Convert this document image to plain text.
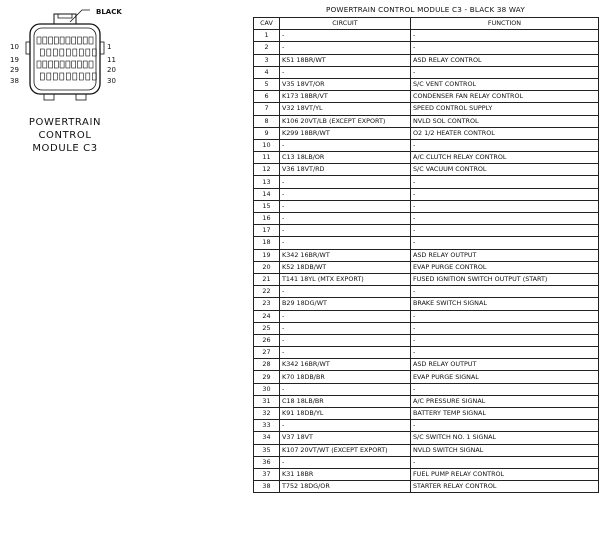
10	1
19	11
29	20
38	30
BLACK
POWERTRAIN
CONTROL
MODULE C3
POWERTRAIN CONTROL MODULE C3 - BLACK 38 WAY
CAV	CIRCUIT	FUNCTION
1	-	-
2	-	-
3	K51 18BR/WT	ASD RELAY CONTROL
4	-	-
5	V35 18VT/OR	S/C VENT CONTROL
6	K173 18BR/VT	CONDENSER FAN RELAY CONTROL
7	V32 18VT/YL	SPEED CONTROL SUPPLY
8	K106 20VT/LB (EXCEPT EXPORT)	NVLD SOL CONTROL
9	K299 18BR/WT	O2 1/2 HEATER CONTROL
10	-	-
11	C13 18LB/OR	A/C CLUTCH RELAY CONTROL
12	V36 18VT/RD	S/C VACUUM CONTROL
13	-	-
14	-	-
15	-	-
16	-	-
17	-	-
18	-	-
19	K342 16BR/WT	ASD RELAY OUTPUT
20	K52 18DB/WT	EVAP PURGE CONTROL
21	T141 18YL (MTX EXPORT)	FUSED IGNITION SWITCH OUTPUT (START)
22	-	-
23	B29 18DG/WT	BRAKE SWITCH SIGNAL
24	-	-
25	-	-
26	-	-
27	-	-
28	K342 16BR/WT	ASD RELAY OUTPUT
29	K70 18DB/BR	EVAP PURGE SIGNAL
30	-	-
31	C18 18LB/BR	A/C PRESSURE SIGNAL
32	K91 18DB/YL	BATTERY TEMP SIGNAL
33	-	-
34	V37 18VT	S/C SWITCH NO. 1 SIGNAL
35	K107 20VT/WT (EXCEPT EXPORT)	NVLD SWITCH SIGNAL
36	-	-
37	K31 18BR	FUEL PUMP RELAY CONTROL
38	T752 18DG/OR	STARTER RELAY CONTROL
